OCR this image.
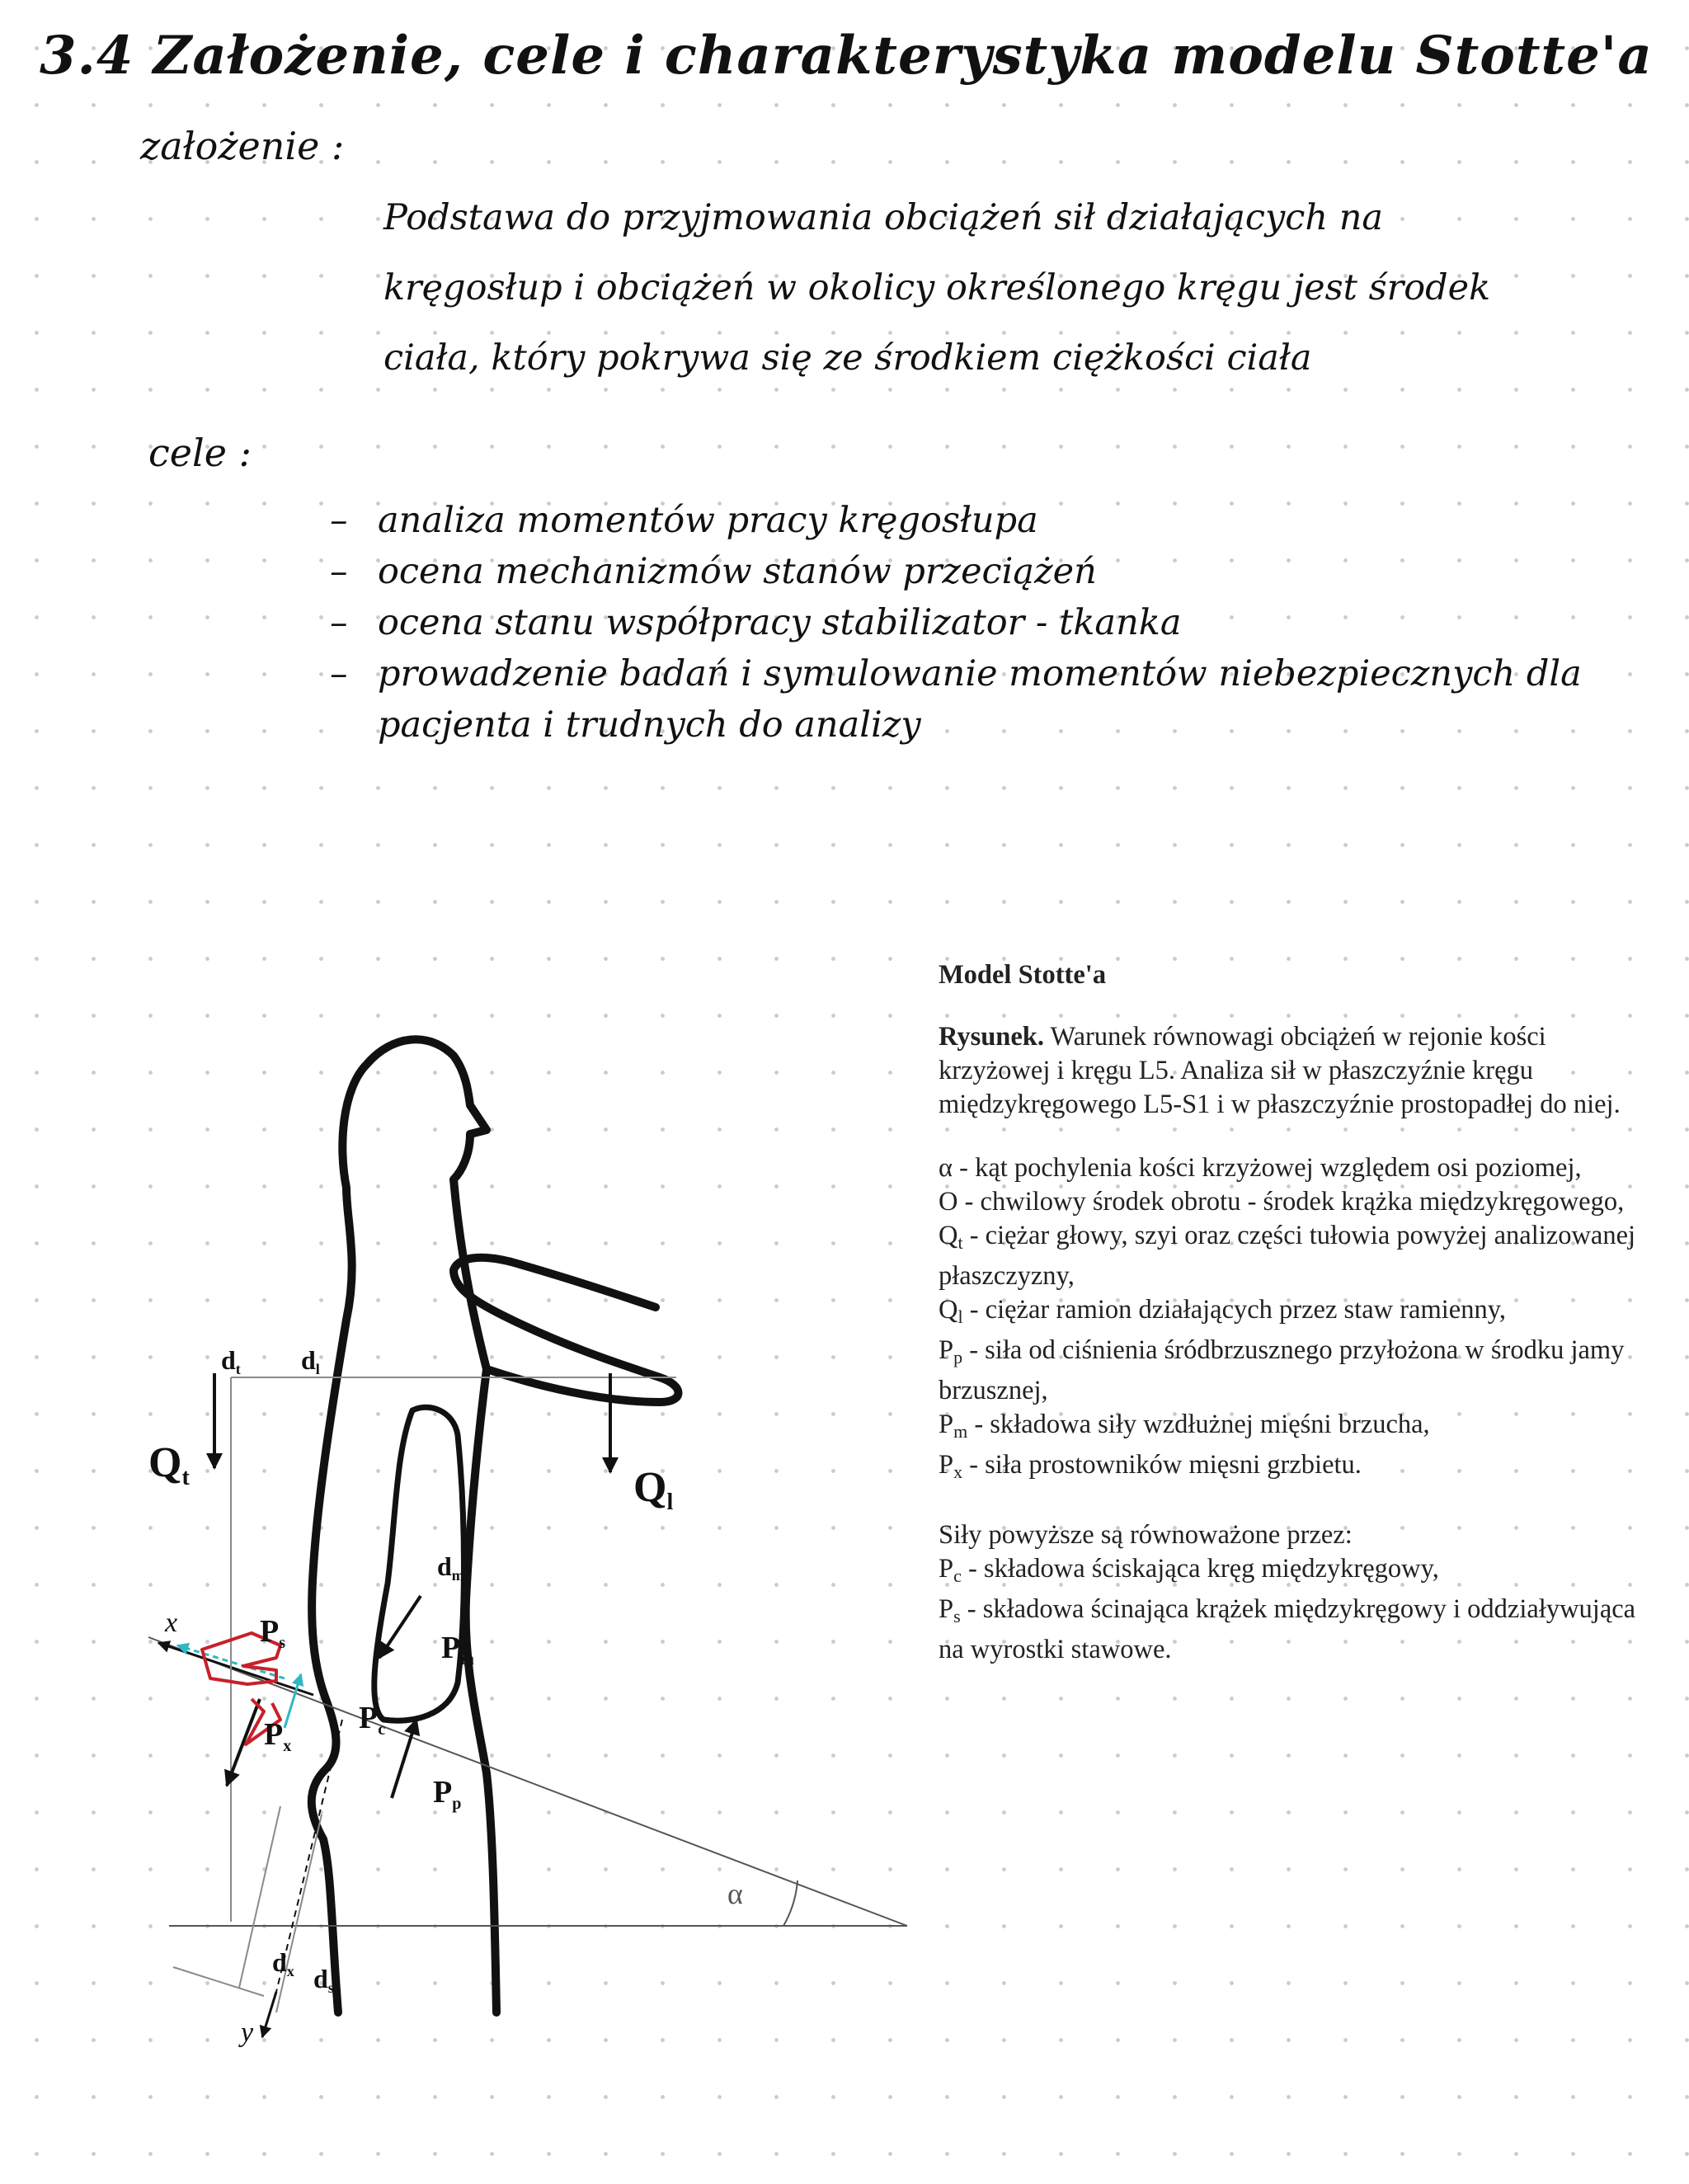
3.4 Założenie, cele i charakterystyka modelu Stotte'a
założenie :

Podstawa do przyjmowania obciążeń sił działających na kręgosłup i obciążeń w okolicy określonego kręgu jest środek ciała, który pokrywa się ze środkiem ciężkości ciała

cele :
– analiza momentów pracy kręgosłupa
– ocena mechanizmów stanów przeciążeń
– ocena stanu współpracy stabilizator - tkanka
– prowadzenie badań i symulowanie momentów niebezpiecznych dla pacjenta i trudnych do analizy
Qt	Ql
dt dl
dm
dx ds
$P_s$	$P_m$
$P_c$
$P_x$
$P_p$
x
y
α

Model Stotte'a

Rysunek. Warunek równowagi obciążeń w rejonie kości krzyżowej i kręgu L5. Analiza sił w płaszczyźnie kręgu międzykręgowego L5-S1 i w płaszczyźnie prostopadłej do niej.

α - kąt pochylenia kości krzyżowej względem osi poziomej,
O - chwilowy środek obrotu - środek krążka międzykręgowego,
$Q_t$ - ciężar głowy, szyi oraz części tułowia powyżej analizowanej płaszczyzny,
$Q_l$ - ciężar ramion działających przez staw ramienny,
$P_p$ - siła od ciśnienia śródbrzusznego przyłożona w środku jamy brzusznej,
$P_m$ - składowa siły wzdłużnej mięśni brzucha,
$P_x$ - siła prostowników mięsni grzbietu.

Siły powyższe są równoważone przez:
$P_c$ - składowa ściskająca kręg międzykręgowy,
$P_s$ - składowa ścinająca krążek międzykręgowy i oddziaływująca na wyrostki stawowe.
